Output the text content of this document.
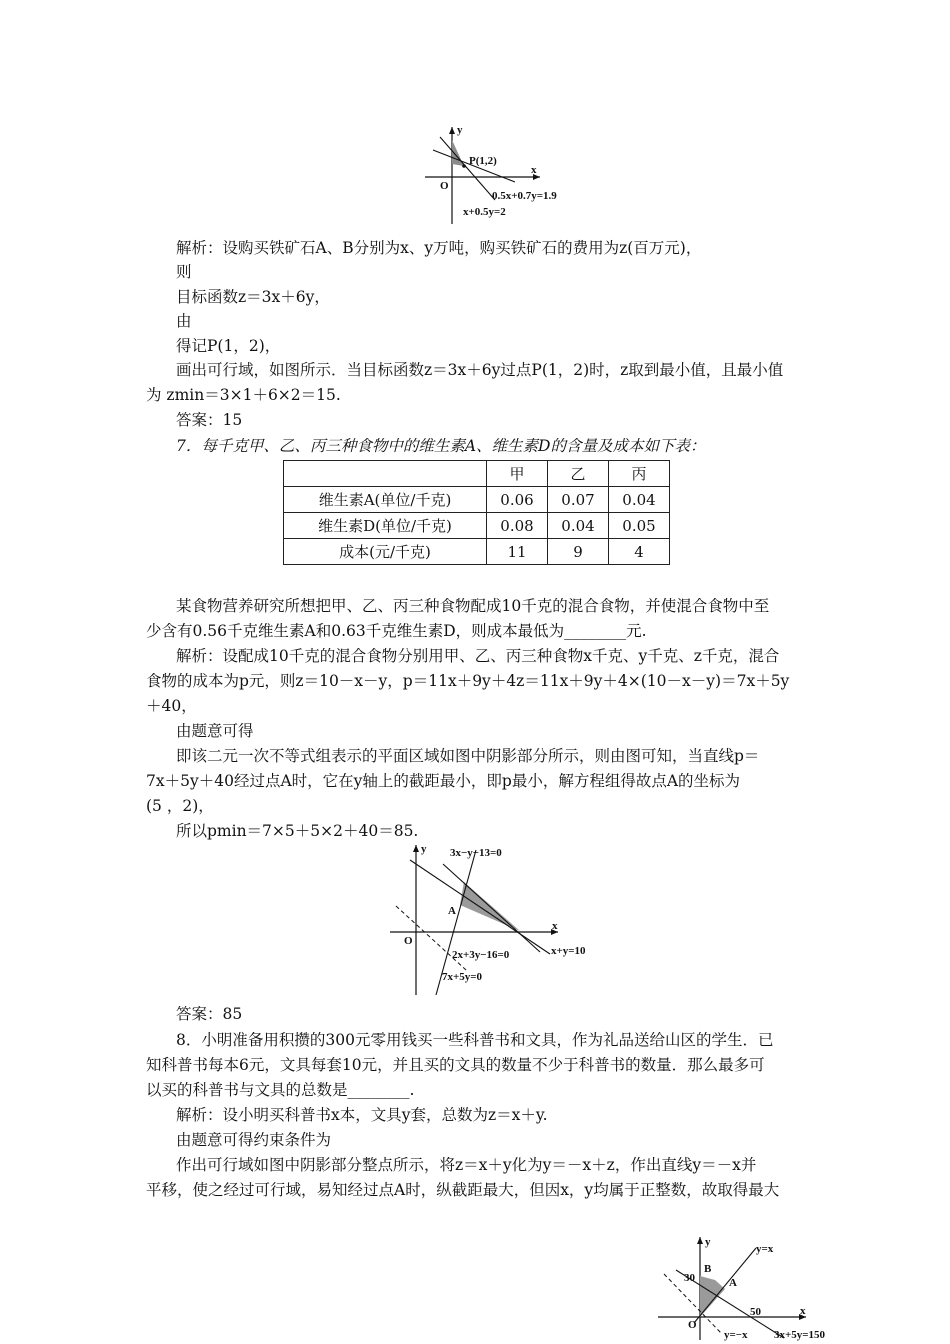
y
x
O
P(1,2)
0.5x+0.7y=1.9
x+0.5y=2
解析：设购买铁矿石A、B分别为x、y万吨，购买铁矿石的费用为z(百万元)，
则
目标函数z＝3x＋6y，
由
得记P(1，2)，
画出可行域，如图所示．当目标函数z＝3x＋6y过点P(1，2)时，z取到最小值，且最小值
为 zmin＝3×1＋6×2＝15.
答案：15
7．每千克甲、乙、丙三种食物中的维生素A、维生素D的含量及成本如下表：
	甲	乙	丙
维生素A(单位/千克)	0.06	0.07	0.04
维生素D(单位/千克)	0.08	0.04	0.05
成本(元/千克)	11	9	4
某食物营养研究所想把甲、乙、丙三种食物配成10千克的混合食物，并使混合食物中至
少含有0.56千克维生素A和0.63千克维生素D，则成本最低为________元.
解析：设配成10千克的混合食物分别用甲、乙、丙三种食物x千克、y千克、z千克，混合
食物的成本为p元，则z＝10－x－y，p＝11x＋9y＋4z＝11x＋9y＋4×(10－x－y)＝7x＋5y
＋40，
由题意可得
即该二元一次不等式组表示的平面区域如图中阴影部分所示，则由图可知，当直线p＝
7x＋5y＋40经过点A时，它在y轴上的截距最小，即p最小，解方程组得故点A的坐标为
(5 ，2)，
所以pmin＝7×5＋5×2＋40＝85.
y
x
O
A
3x−y−13=0
2x+3y−16=0	x+y=10
7x+5y=0
答案：85
8．小明准备用积攒的300元零用钱买一些科普书和文具，作为礼品送给山区的学生．已
知科普书每本6元，文具每套10元，并且买的文具的数量不少于科普书的数量．那么最多可
以买的科普书与文具的总数是________.
解析：设小明买科普书x本，文具y套，总数为z＝x＋y.
由题意可得约束条件为
作出可行域如图中阴影部分整点所示，将z＝x＋y化为y＝－x＋z，作出直线y＝－x并
平移，使之经过可行域，易知经过点A时，纵截距最大，但因x，y均属于正整数，故取得最大
y
x
O
B
A
30
50
y=x
y=−x 3x+5y=150
